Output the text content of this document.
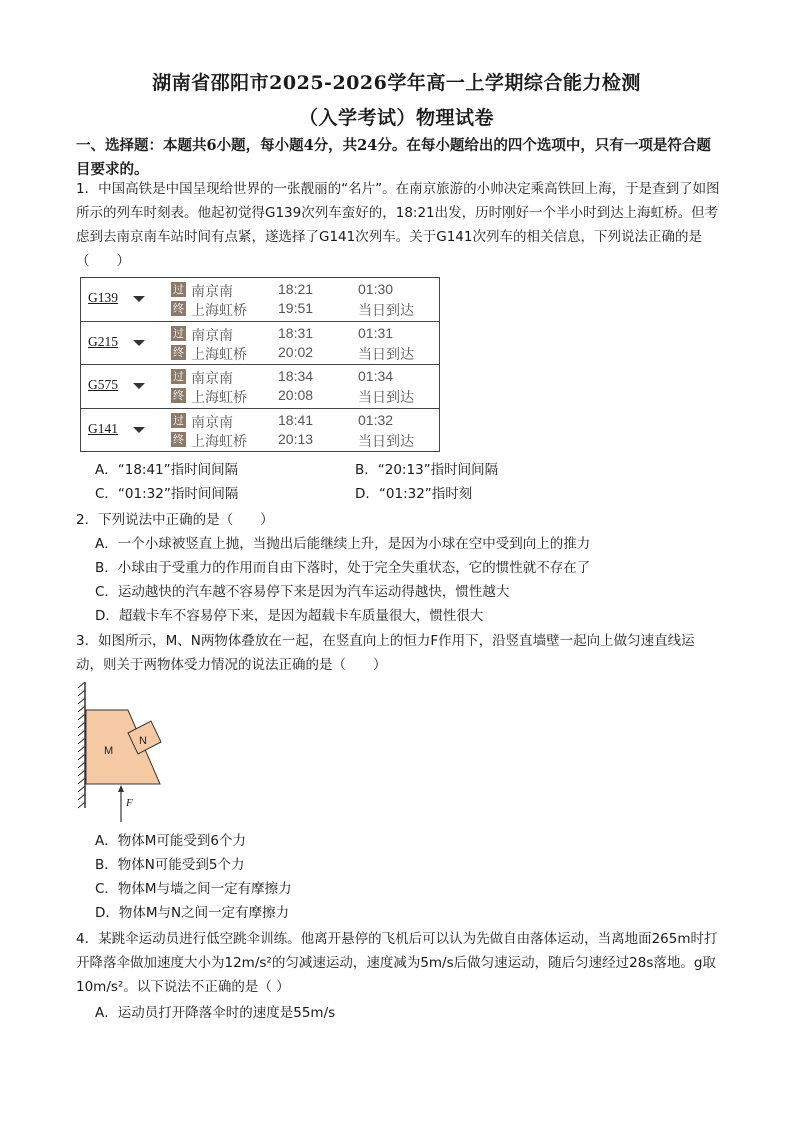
湖南省邵阳市2025-2026学年高一上学期综合能力检测
（入学考试）物理试卷
一、选择题：本题共6小题，每小题4分，共24分。在每小题给出的四个选项中，只有一项是符合题目要求的。
1．中国高铁是中国呈现给世界的一张靓丽的“名片”。在南京旅游的小帅决定乘高铁回上海，于是查到了如图所示的列车时刻表。他起初觉得G139次列车蛮好的，18:21出发，历时刚好一个半小时到达上海虹桥。但考虑到去南京南车站时间有点紧，遂选择了G141次列车。关于G141次列车的相关信息，下列说法正确的是（　　）
G139
过
终
南京南
上海虹桥
18:21
19:51
01:30
当日到达
G215
过
终
南京南
上海虹桥
18:31
20:02
01:31
当日到达
G575
过
终
南京南
上海虹桥
18:34
20:08
01:34
当日到达
G141
过
终
南京南
上海虹桥
18:41
20:13
01:32
当日到达
A．“18:41”指时间间隔	B．“20:13”指时间间隔
C．“01:32”指时间间隔	D．“01:32”指时刻
2．下列说法中正确的是（　　）
A．一个小球被竖直上抛，当抛出后能继续上升，是因为小球在空中受到向上的推力
B．小球由于受重力的作用而自由下落时，处于完全失重状态，它的惯性就不存在了
C．运动越快的汽车越不容易停下来是因为汽车运动得越快，惯性越大
D．超载卡车不容易停下来，是因为超载卡车质量很大，惯性很大
3．如图所示，M、N两物体叠放在一起，在竖直向上的恒力F作用下，沿竖直墙壁一起向上做匀速直线运动，则关于两物体受力情况的说法正确的是（　　）
M
N
F
A．物体M可能受到6个力
B．物体N可能受到5个力
C．物体M与墙之间一定有摩擦力
D．物体M与N之间一定有摩擦力
4．某跳伞运动员进行低空跳伞训练。他离开悬停的飞机后可以认为先做自由落体运动，当离地面265m时打开降落伞做加速度大小为12m/s²的匀减速运动，速度减为5m/s后做匀速运动，随后匀速经过28s落地。g取10m/s²。以下说法不正确的是（ ）
A．运动员打开降落伞时的速度是55m/s
